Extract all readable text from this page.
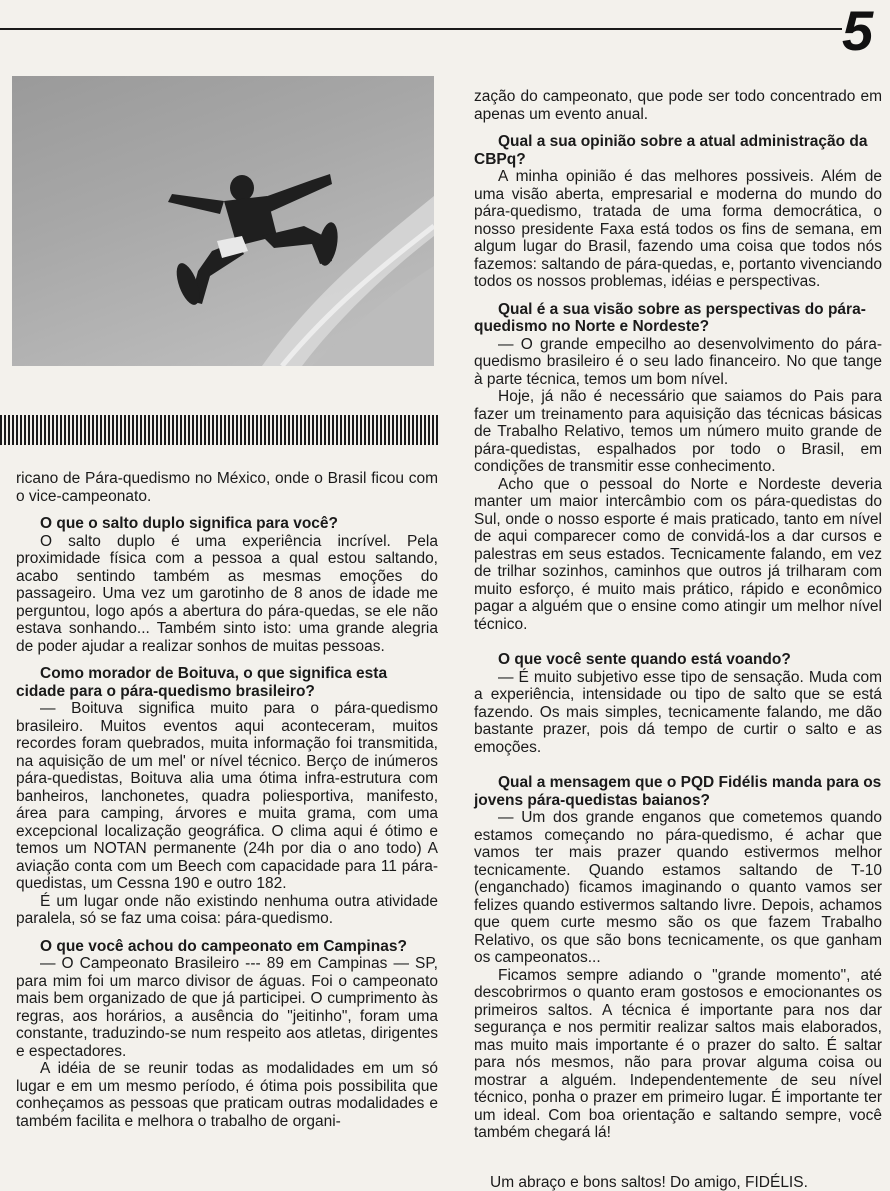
5

ricano de Pára-quedismo no México, onde o Brasil ficou com o vice-campeonato.

O que o salto duplo significa para você?

O salto duplo é uma experiência incrível. Pela proximidade física com a pessoa a qual estou saltando, acabo sentindo também as mesmas emoções do passageiro. Uma vez um garotinho de 8 anos de idade me perguntou, logo após a abertura do pára-quedas, se ele não estava sonhando... Também sinto isto: uma grande alegria de poder ajudar a realizar sonhos de muitas pessoas.

Como morador de Boituva, o que significa esta cidade para o pára-quedismo brasileiro?

— Boituva significa muito para o pára-quedismo brasileiro. Muitos eventos aqui aconteceram, muitos recordes foram quebrados, muita informação foi transmitida, na aquisição de um mel' or nível técnico. Berço de inúmeros pára-quedistas, Boituva alia uma ótima infra-estrutura com banheiros, lanchonetes, quadra poliesportiva, manifesto, área para camping, árvores e muita grama, com uma excepcional localização geográfica. O clima aqui é ótimo e temos um NOTAN permanente (24h por dia o ano todo) A aviação conta com um Beech com capacidade para 11 pára-quedistas, um Cessna 190 e outro 182.

É um lugar onde não existindo nenhuma outra atividade paralela, só se faz uma coisa: pára-quedismo.

O que você achou do campeonato em Campinas?

— O Campeonato Brasileiro --- 89 em Campinas — SP, para mim foi um marco divisor de águas. Foi o campeonato mais bem organizado de que já participei. O cumprimento às regras, aos horários, a ausência do "jeitinho", foram uma constante, traduzindo-se num respeito aos atletas, dirigentes e espectadores.

A idéia de se reunir todas as modalidades em um só lugar e em um mesmo período, é ótima pois possibilita que conheçamos as pessoas que praticam outras modalidades e também facilita e melhora o trabalho de organi-

zação do campeonato, que pode ser todo concentrado em apenas um evento anual.

Qual a sua opinião sobre a atual administração da CBPq?

A minha opinião é das melhores possiveis. Além de uma visão aberta, empresarial e moderna do mundo do pára-quedismo, tratada de uma forma democrática, o nosso presidente Faxa está todos os fins de semana, em algum lugar do Brasil, fazendo uma coisa que todos nós fazemos: saltando de pára-quedas, e, portanto vivenciando todos os nossos problemas, idéias e perspectivas.

Qual é a sua visão sobre as perspectivas do pára-quedismo no Norte e Nordeste?

— O grande empecilho ao desenvolvimento do pára-quedismo brasileiro é o seu lado financeiro. No que tange à parte técnica, temos um bom nível.

Hoje, já não é necessário que saiamos do Pais para fazer um treinamento para aquisição das técnicas básicas de Trabalho Relativo, temos um número muito grande de pára-quedistas, espalhados por todo o Brasil, em condições de transmitir esse conhecimento.

Acho que o pessoal do Norte e Nordeste deveria manter um maior intercâmbio com os pára-quedistas do Sul, onde o nosso esporte é mais praticado, tanto em nível de aqui comparecer como de convidá-los a dar cursos e palestras em seus estados. Tecnicamente falando, em vez de trilhar sozinhos, caminhos que outros já trilharam com muito esforço, é muito mais prático, rápido e econômico pagar a alguém que o ensine como atingir um melhor nível técnico.

O que você sente quando está voando?

— É muito subjetivo esse tipo de sensação. Muda com a experiência, intensidade ou tipo de salto que se está fazendo. Os mais simples, tecnicamente falando, me dão bastante prazer, pois dá tempo de curtir o salto e as emoções.

Qual a mensagem que o PQD Fidélis manda para os jovens pára-quedistas baianos?

— Um dos grande enganos que cometemos quando estamos começando no pára-quedismo, é achar que vamos ter mais prazer quando estivermos melhor tecnicamente. Quando estamos saltando de T-10 (enganchado) ficamos imaginando o quanto vamos ser felizes quando estivermos saltando livre. Depois, achamos que quem curte mesmo são os que fazem Trabalho Relativo, os que são bons tecnicamente, os que ganham os campeonatos...

Ficamos sempre adiando o "grande momento", até descobrirmos o quanto eram gostosos e emocionantes os primeiros saltos. A técnica é importante para nos dar segurança e nos permitir realizar saltos mais elaborados, mas muito mais importante é o prazer do salto. É saltar para nós mesmos, não para provar alguma coisa ou mostrar a alguém. Independentemente de seu nível técnico, ponha o prazer em primeiro lugar. É importante ter um ideal. Com boa orientação e saltando sempre, você também chegará lá!

Um abraço e bons saltos! Do amigo, FIDÉLIS.
